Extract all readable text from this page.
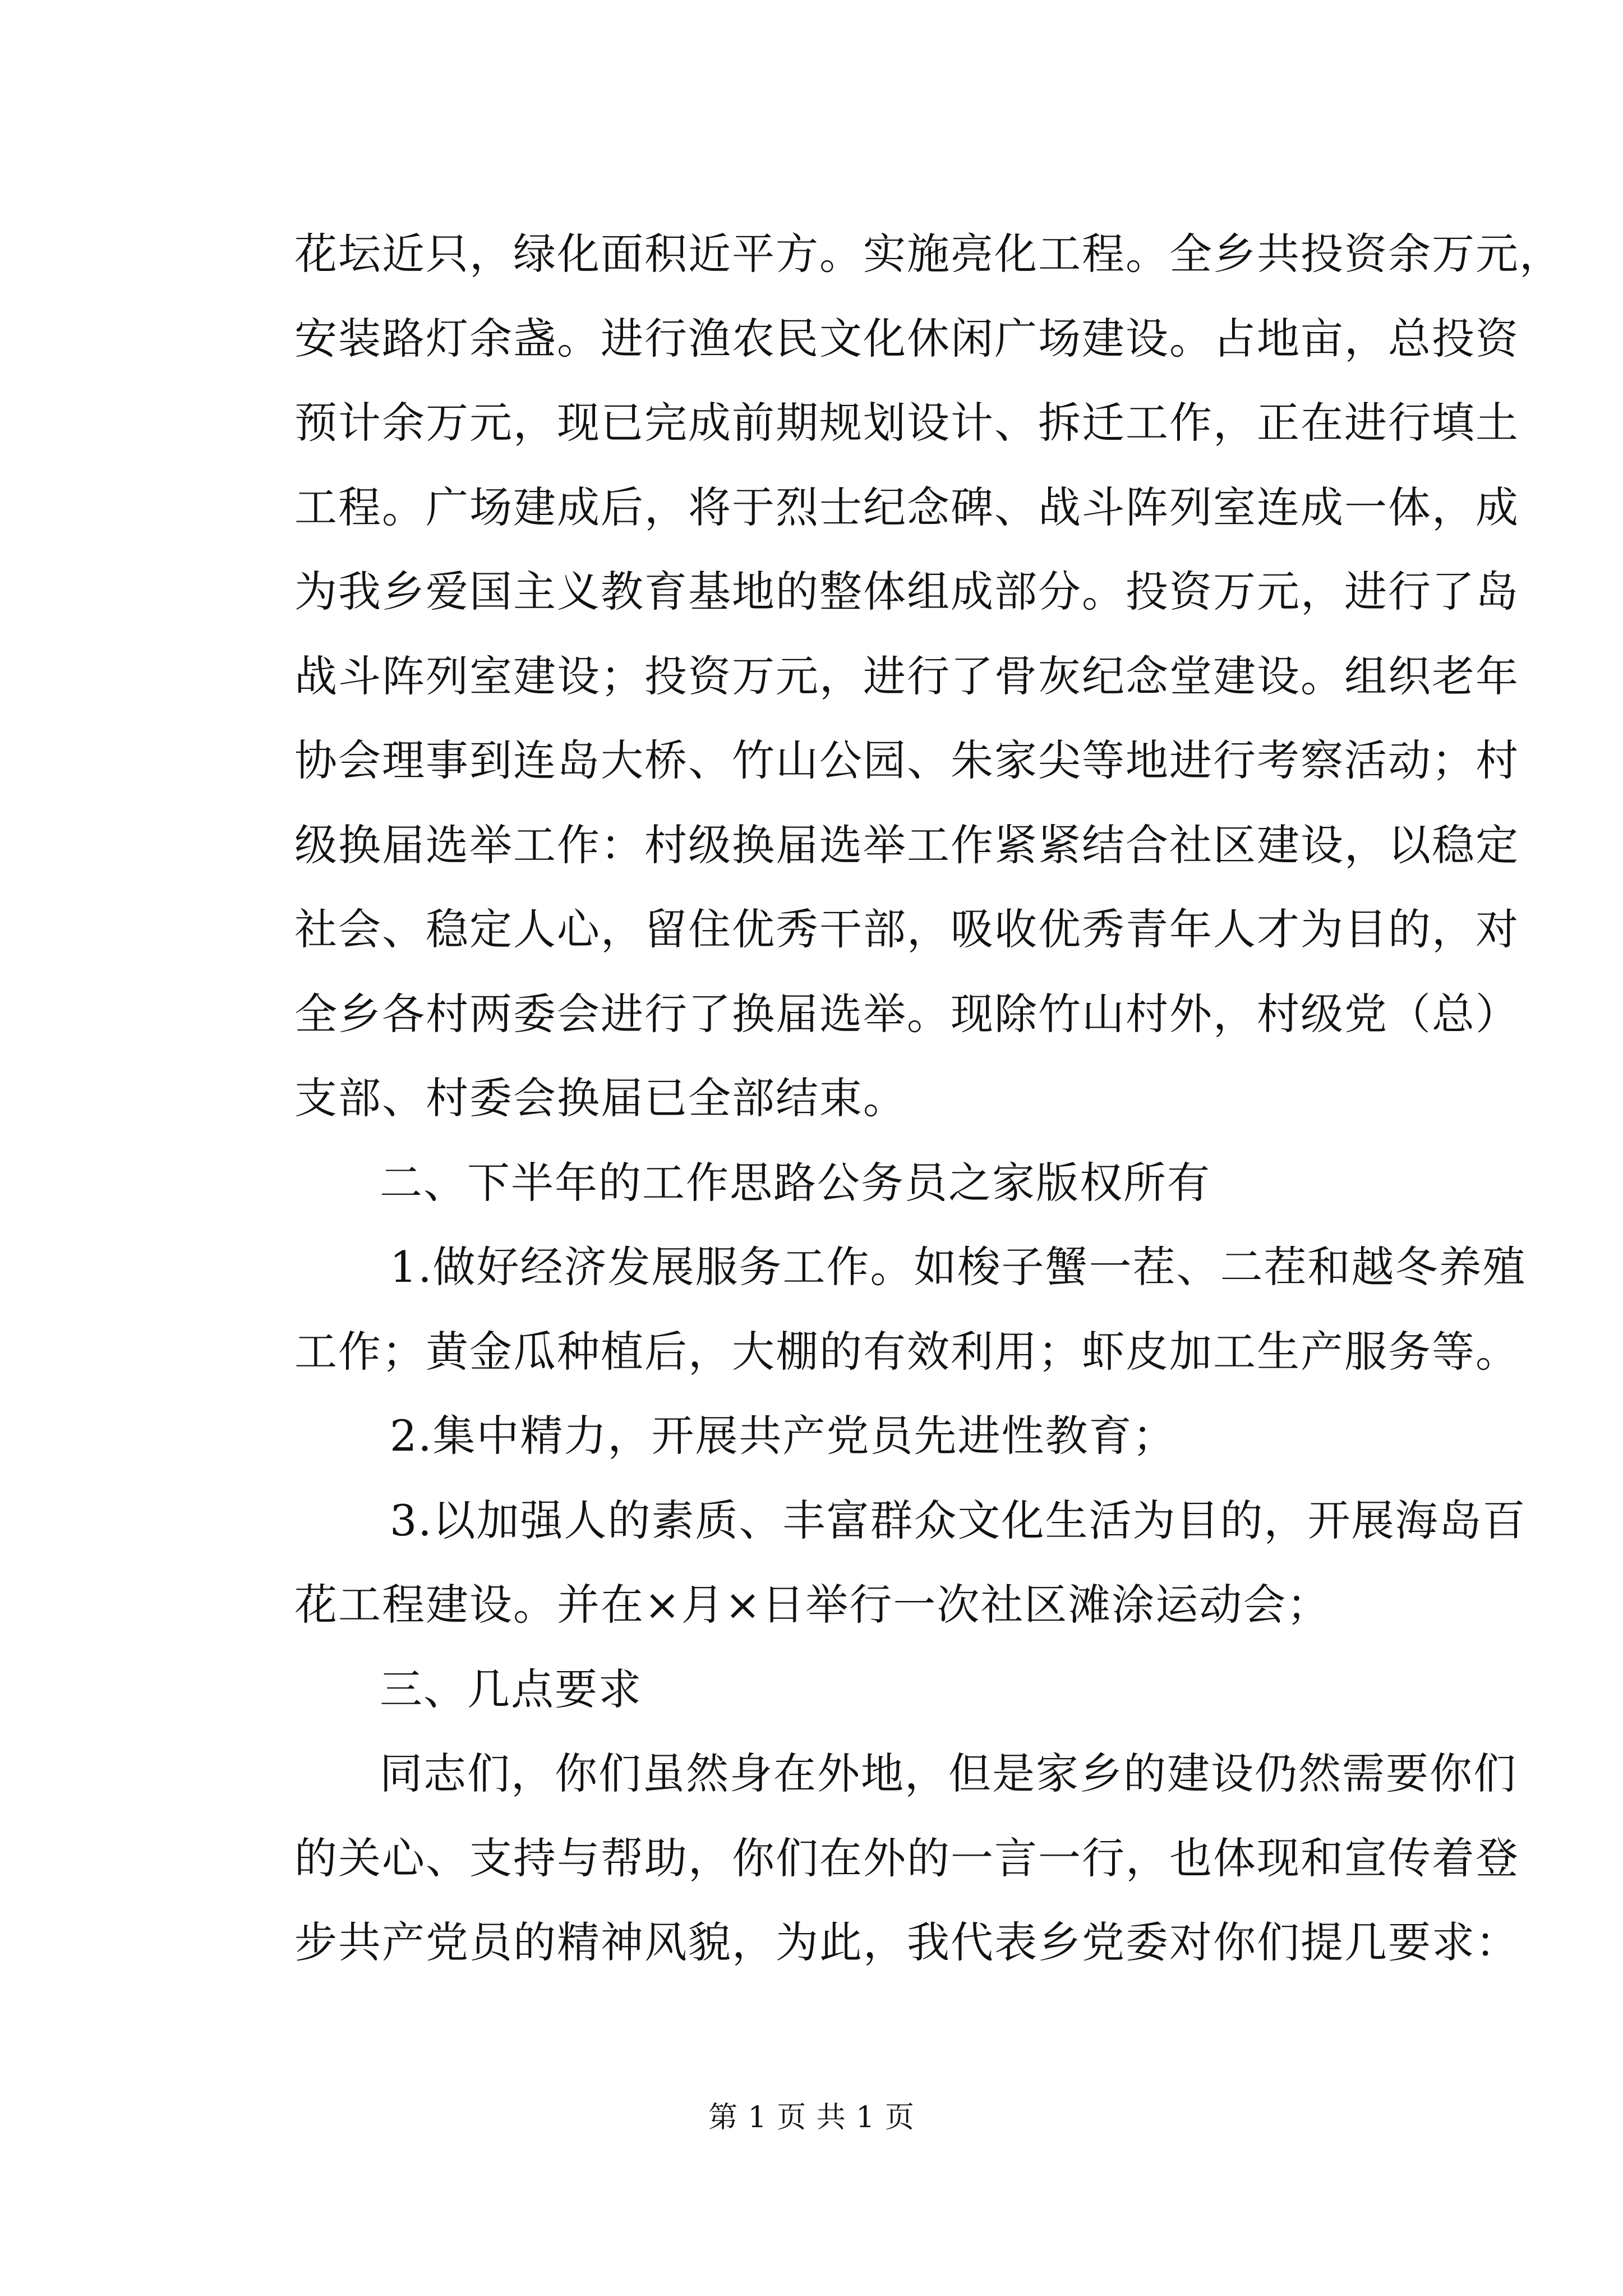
花坛近只，绿化面积近平方。实施亮化工程。全乡共投资余万元，
安装路灯余盏。进行渔农民文化休闲广场建设。占地亩，总投资
预计余万元，现已完成前期规划设计、拆迁工作，正在进行填土
工程。广场建成后，将于烈士纪念碑、战斗阵列室连成一体，成
为我乡爱国主义教育基地的整体组成部分。投资万元，进行了岛
战斗阵列室建设；投资万元，进行了骨灰纪念堂建设。组织老年
协会理事到连岛大桥、竹山公园、朱家尖等地进行考察活动；村
级换届选举工作：村级换届选举工作紧紧结合社区建设，以稳定
社会、稳定人心，留住优秀干部，吸收优秀青年人才为目的，对
全乡各村两委会进行了换届选举。现除竹山村外，村级党（总）
支部、村委会换届已全部结束。
二、下半年的工作思路公务员之家版权所有
1.做好经济发展服务工作。如梭子蟹一茬、二茬和越冬养殖
工作；黄金瓜种植后，大棚的有效利用；虾皮加工生产服务等。
2.集中精力，开展共产党员先进性教育；
3.以加强人的素质、丰富群众文化生活为目的，开展海岛百
花工程建设。并在×月×日举行一次社区滩涂运动会；
三、几点要求
同志们，你们虽然身在外地，但是家乡的建设仍然需要你们
的关心、支持与帮助，你们在外的一言一行，也体现和宣传着登
步共产党员的精神风貌，为此，我代表乡党委对你们提几要求：
第 1 页 共 1 页
